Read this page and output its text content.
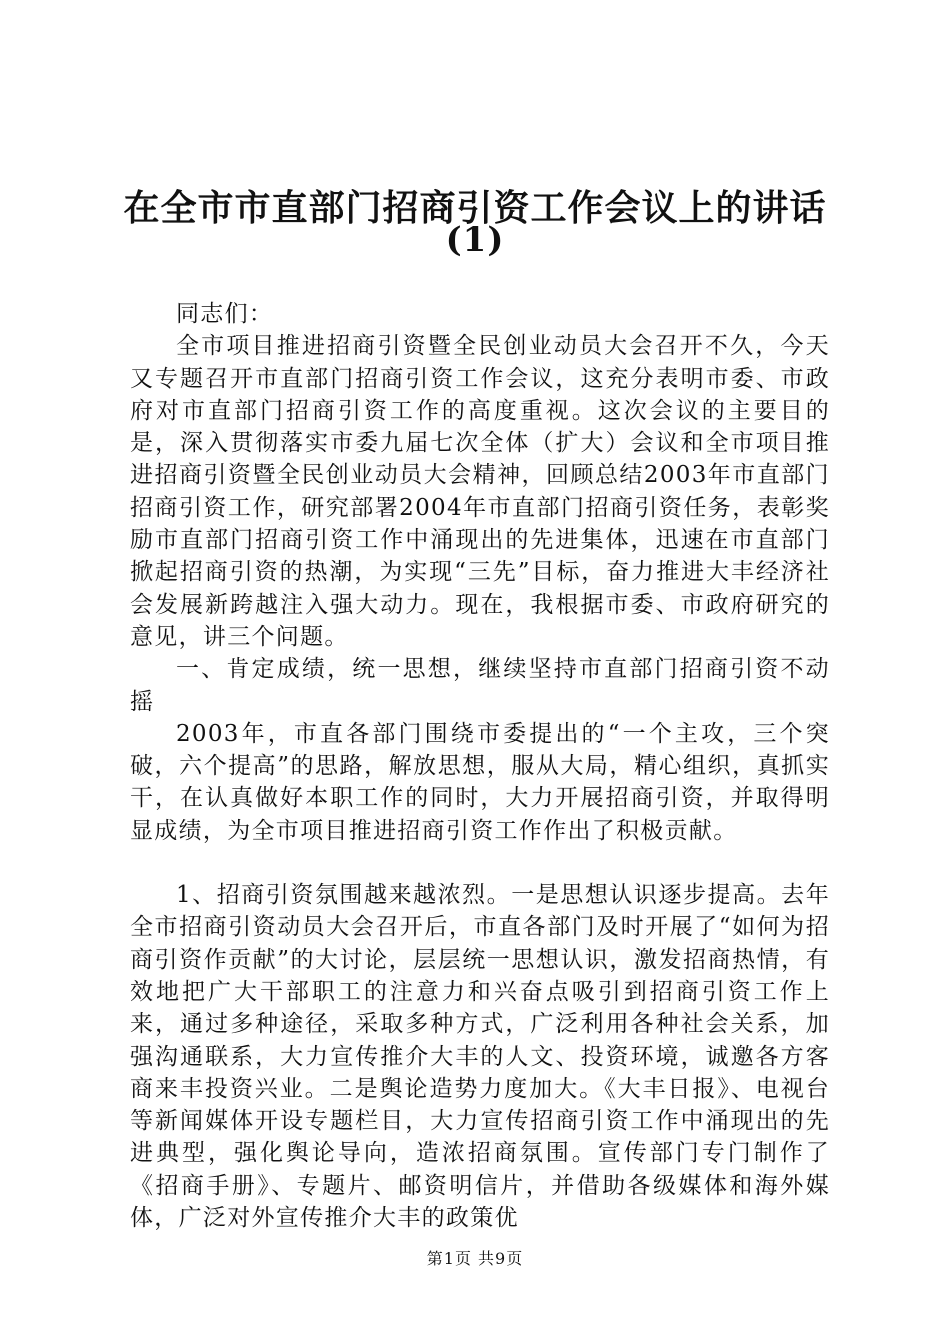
在全市市直部门招商引资工作会议上的讲话
(1)

同志们：

全市项目推进招商引资暨全民创业动员大会召开不久，今天又专题召开市直部门招商引资工作会议，这充分表明市委、市政府对市直部门招商引资工作的高度重视。这次会议的主要目的是，深入贯彻落实市委九届七次全体（扩大）会议和全市项目推进招商引资暨全民创业动员大会精神，回顾总结2003年市直部门招商引资工作，研究部署2004年市直部门招商引资任务，表彰奖励市直部门招商引资工作中涌现出的先进集体，迅速在市直部门掀起招商引资的热潮，为实现“三先”目标，奋力推进大丰经济社会发展新跨越注入强大动力。现在，我根据市委、市政府研究的意见，讲三个问题。

一、肯定成绩，统一思想，继续坚持市直部门招商引资不动摇

2003年，市直各部门围绕市委提出的“一个主攻，三个突破，六个提高”的思路，解放思想，服从大局，精心组织，真抓实干，在认真做好本职工作的同时，大力开展招商引资，并取得明显成绩，为全市项目推进招商引资工作作出了积极贡献。

1、招商引资氛围越来越浓烈。一是思想认识逐步提高。去年全市招商引资动员大会召开后，市直各部门及时开展了“如何为招商引资作贡献”的大讨论，层层统一思想认识，激发招商热情，有效地把广大干部职工的注意力和兴奋点吸引到招商引资工作上来，通过多种途径，采取多种方式，广泛利用各种社会关系，加强沟通联系，大力宣传推介大丰的人文、投资环境，诚邀各方客商来丰投资兴业。二是舆论造势力度加大。《大丰日报》、电视台等新闻媒体开设专题栏目，大力宣传招商引资工作中涌现出的先进典型，强化舆论导向，造浓招商氛围。宣传部门专门制作了《招商手册》、专题片、邮资明信片，并借助各级媒体和海外媒体，广泛对外宣传推介大丰的政策优

第1页 共9页
